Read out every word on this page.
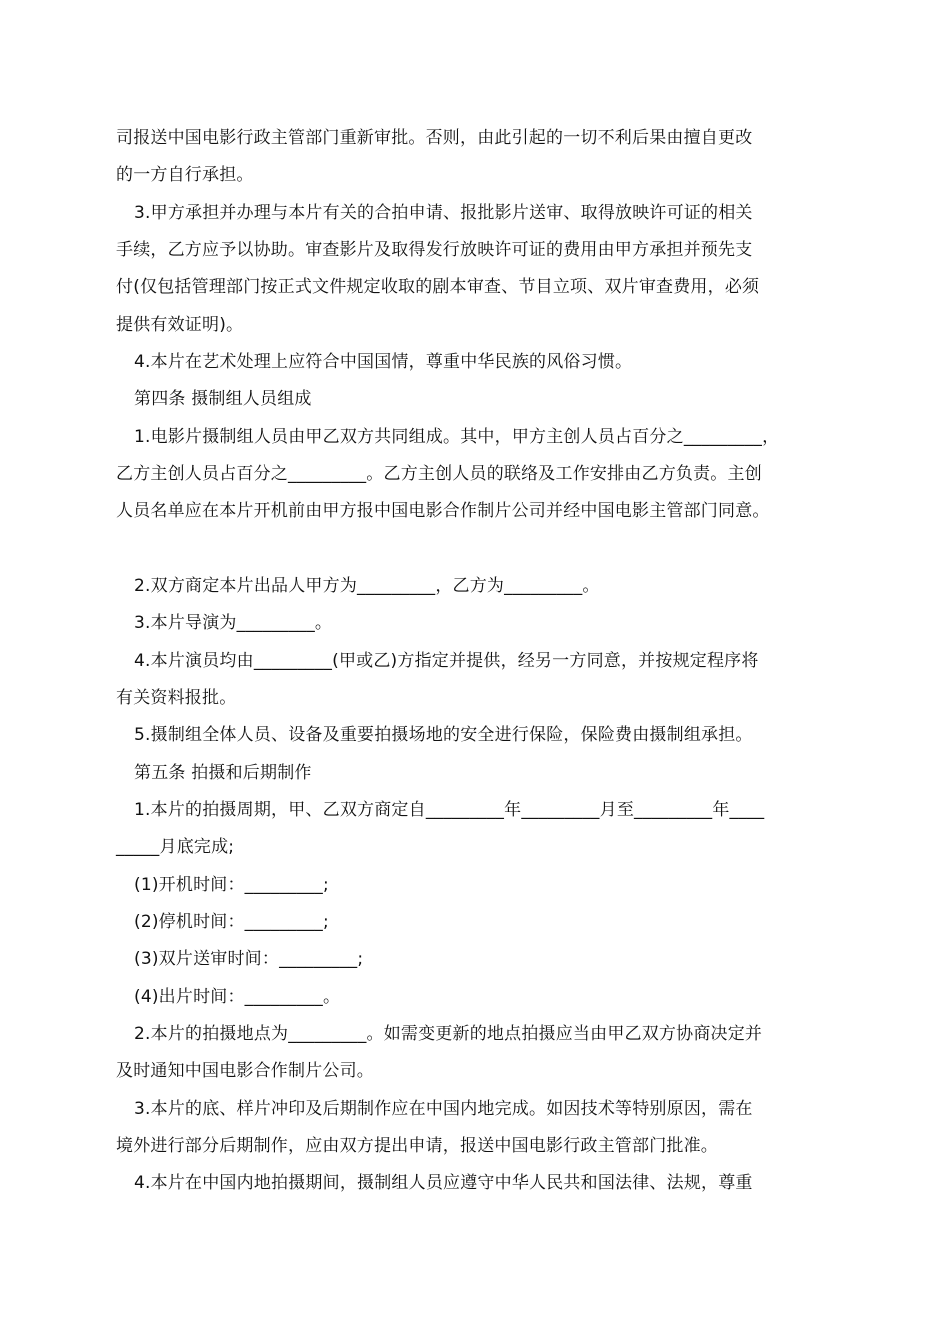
司报送中国电影行政主管部门重新审批。否则，由此引起的一切不利后果由擅自更改
的一方自行承担。
3.甲方承担并办理与本片有关的合拍申请、报批影片送审、取得放映许可证的相关
手续，乙方应予以协助。审查影片及取得发行放映许可证的费用由甲方承担并预先支
付(仅包括管理部门按正式文件规定收取的剧本审查、节目立项、双片审查费用，必须
提供有效证明)。
4.本片在艺术处理上应符合中国国情，尊重中华民族的风俗习惯。
第四条 摄制组人员组成
1.电影片摄制组人员由甲乙双方共同组成。其中，甲方主创人员占百分之_________，
乙方主创人员占百分之_________。乙方主创人员的联络及工作安排由乙方负责。主创
人员名单应在本片开机前由甲方报中国电影合作制片公司并经中国电影主管部门同意。
2.双方商定本片出品人甲方为_________，乙方为_________。
3.本片导演为_________。
4.本片演员均由_________(甲或乙)方指定并提供，经另一方同意，并按规定程序将
有关资料报批。
5.摄制组全体人员、设备及重要拍摄场地的安全进行保险，保险费由摄制组承担。
第五条 拍摄和后期制作
1.本片的拍摄周期，甲、乙双方商定自_________年_________月至_________年____
_____月底完成;
(1)开机时间：_________;
(2)停机时间：_________;
(3)双片送审时间：_________;
(4)出片时间：_________。
2.本片的拍摄地点为_________。如需变更新的地点拍摄应当由甲乙双方协商决定并
及时通知中国电影合作制片公司。
3.本片的底、样片冲印及后期制作应在中国内地完成。如因技术等特别原因，需在
境外进行部分后期制作，应由双方提出申请，报送中国电影行政主管部门批准。
4.本片在中国内地拍摄期间，摄制组人员应遵守中华人民共和国法律、法规，尊重
